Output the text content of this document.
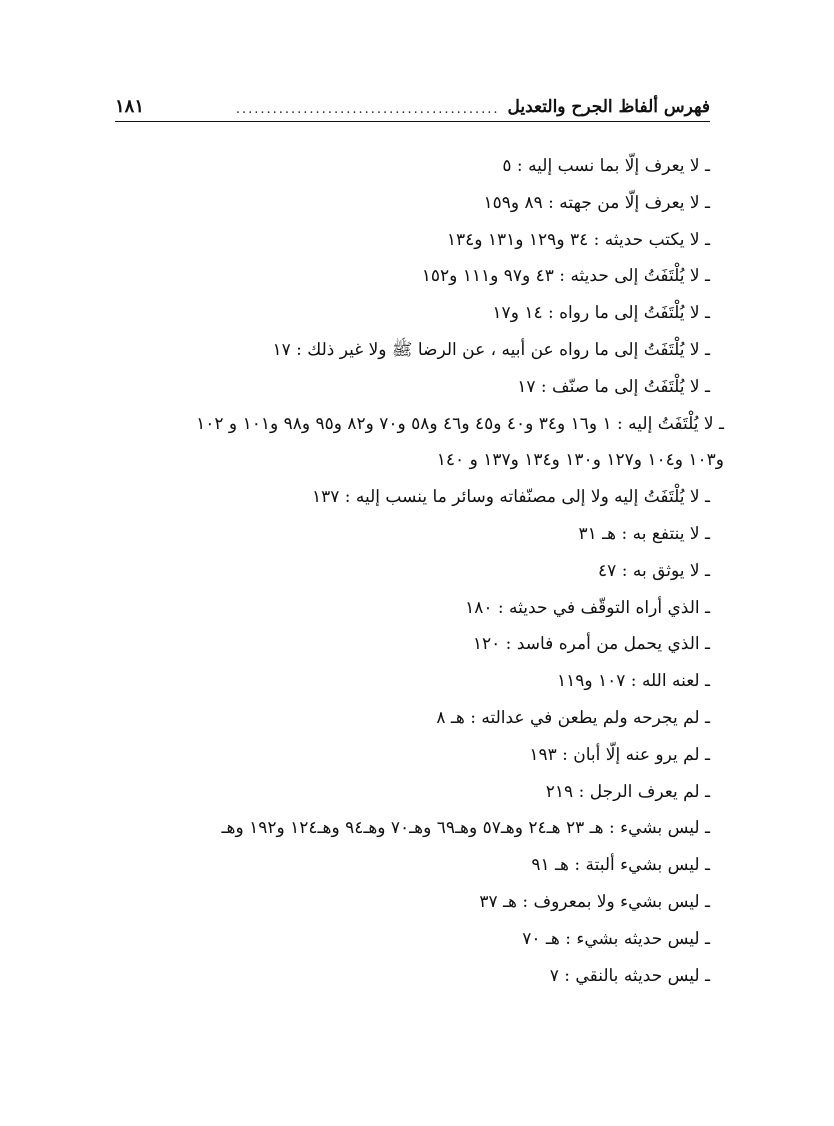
فهرس ألفاظ الجرح والتعديل
...........................................
١٨١

ـ لا يعرف إلّا بما نسب إليه : ٥

ـ لا يعرف إلّا من جهته : ٨٩ و١٥٩

ـ لا يكتب حديثه : ٣٤ و١٢٩ و١٣١ و١٣٤

ـ لا يُلْتَفَتُ إلى حديثه : ٤٣ و٩٧ و١١١ و١٥٢

ـ لا يُلْتَفَتُ إلى ما رواه : ١٤ و١٧

ـ لا يُلْتَفَتُ إلى ما رواه عن أبيه ، عن الرضا ﷺ ولا غير ذلك : ١٧

ـ لا يُلْتَفَتُ إلى ما صنّف : ١٧

ـ لا يُلْتَفَتُ إليه : ١ و١٦ و٣٤ و٤٠ و٤٥ و٤٦ و٥٨ و٧٠ و٨٢ و٩٥ و٩٨ و١٠١ و ١٠٢

و١٠٣ و١٠٤ و١٢٧ و١٣٠ و١٣٤ و١٣٧ و ١٤٠

ـ لا يُلْتَفَتُ إليه ولا إلى مصنّفاته وسائر ما ينسب إليه : ١٣٧

ـ لا ينتفع به : هـ ٣١

ـ لا يوثق به : ٤٧

ـ الذي أراه التوقّف في حديثه : ١٨٠

ـ الذي يحمل من أمره فاسد : ١٢٠

ـ لعنه الله : ١٠٧ و١١٩

ـ لم يجرحه ولم يطعن في عدالته : هـ ٨

ـ لم يرو عنه إلّا أبان : ١٩٣

ـ لم يعرف الرجل : ٢١٩

ـ ليس بشيء : هـ ٢٣ هـ٢٤ وهـ٥٧ وهـ٦٩ وهـ٧٠ وهـ٩٤ وهـ١٢٤ و١٩٢ وهـ

ـ ليس بشيء ألبتة : هـ ٩١

ـ ليس بشيء ولا بمعروف : هـ ٣٧

ـ ليس حديثه بشيء : هـ ٧٠

ـ ليس حديثه بالنقي : ٧
